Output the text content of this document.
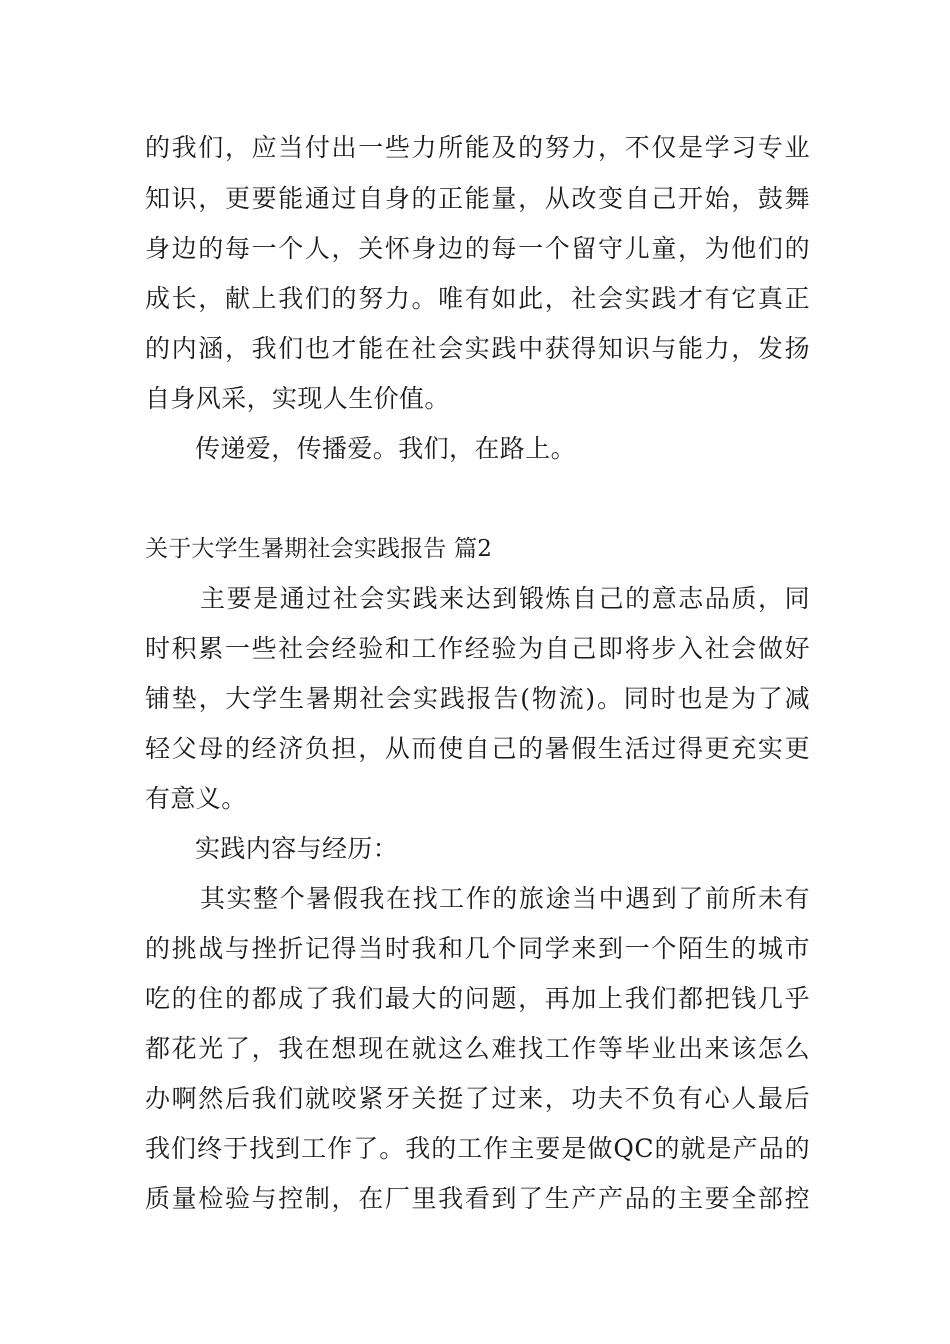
的我们，应当付出一些力所能及的努力，不仅是学习专业
知识，更要能通过自身的正能量，从改变自己开始，鼓舞
身边的每一个人，关怀身边的每一个留守儿童，为他们的
成长，献上我们的努力。唯有如此，社会实践才有它真正
的内涵，我们也才能在社会实践中获得知识与能力，发扬
自身风采，实现人生价值。
传递爱，传播爱。我们，在路上。
关于大学生暑期社会实践报告 篇2
主要是通过社会实践来达到锻炼自己的意志品质，同
时积累一些社会经验和工作经验为自己即将步入社会做好
铺垫，大学生暑期社会实践报告(物流)。同时也是为了减
轻父母的经济负担，从而使自己的暑假生活过得更充实更
有意义。
实践内容与经历：
其实整个暑假我在找工作的旅途当中遇到了前所未有
的挑战与挫折记得当时我和几个同学来到一个陌生的城市
吃的住的都成了我们最大的问题，再加上我们都把钱几乎
都花光了，我在想现在就这么难找工作等毕业出来该怎么
办啊然后我们就咬紧牙关挺了过来，功夫不负有心人最后
我们终于找到工作了。我的工作主要是做QC的就是产品的
质量检验与控制，在厂里我看到了生产产品的主要全部控
